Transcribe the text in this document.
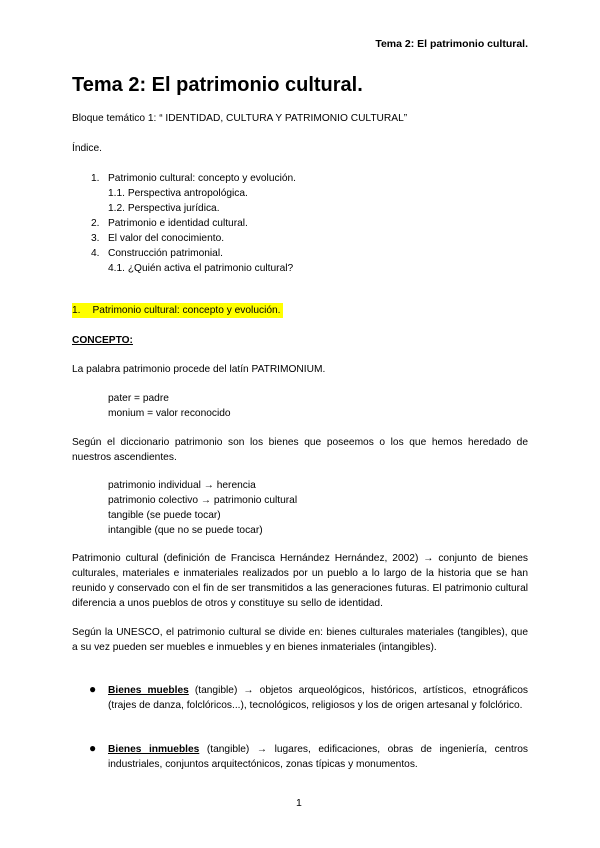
Tema 2: El patrimonio cultural.
Tema 2: El patrimonio cultural.
Bloque temático 1: “ IDENTIDAD, CULTURA Y PATRIMONIO CULTURAL”
Índice.
1. Patrimonio cultural: concepto y evolución.
1.1. Perspectiva antropológica.
1.2. Perspectiva jurídica.
2. Patrimonio e identidad cultural.
3. El valor del conocimiento.
4. Construcción patrimonial.
4.1. ¿Quién activa el patrimonio cultural?
1. Patrimonio cultural: concepto y evolución.
CONCEPTO:
La palabra patrimonio procede del latín PATRIMONIUM.
pater = padre
monium = valor reconocido
Según el diccionario patrimonio son los bienes que poseemos o los que hemos heredado de nuestros ascendientes.
patrimonio individual → herencia
patrimonio colectivo → patrimonio cultural
tangible (se puede tocar)
intangible (que no se puede tocar)
Patrimonio cultural (definición de Francisca Hernández Hernández, 2002) → conjunto de bienes culturales, materiales e inmateriales realizados por un pueblo a lo largo de la historia que se han reunido y conservado con el fin de ser transmitidos a las generaciones futuras. El patrimonio cultural diferencia a unos pueblos de otros y constituye su sello de identidad.
Según la UNESCO, el patrimonio cultural se divide en: bienes culturales materiales (tangibles), que a su vez pueden ser muebles e inmuebles y en bienes inmateriales (intangibles).
● Bienes muebles (tangible) → objetos arqueológicos, históricos, artísticos, etnográficos (trajes de danza, folclóricos...), tecnológicos, religiosos y los de origen artesanal y folclórico.
● Bienes inmuebles (tangible) → lugares, edificaciones, obras de ingeniería, centros industriales, conjuntos arquitectónicos, zonas típicas y monumentos.
1
